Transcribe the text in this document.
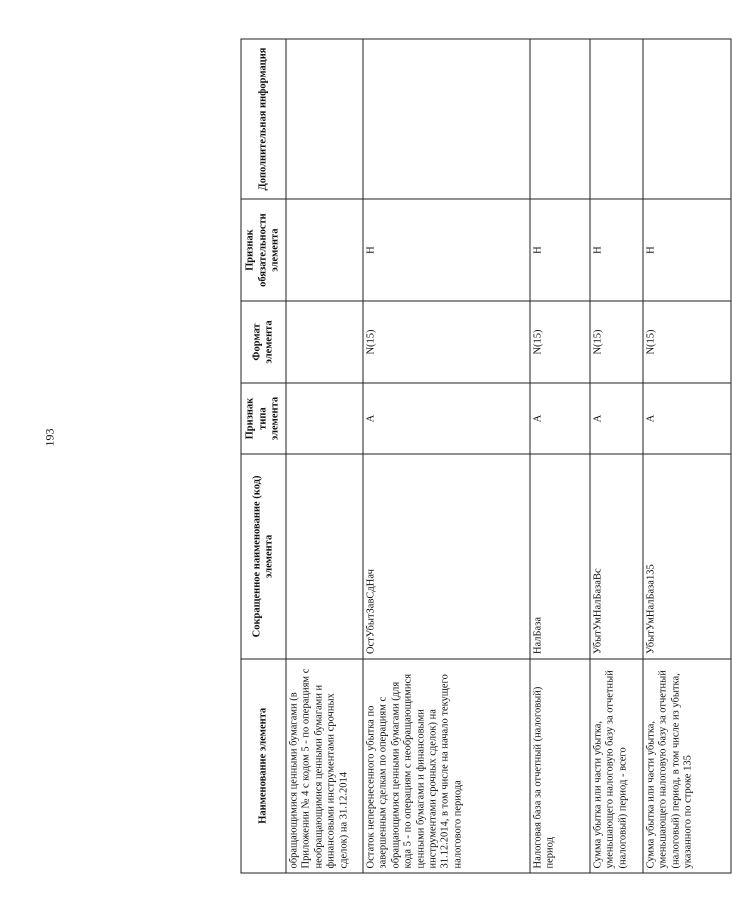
193
Наименование элемента	Сокращенное наименование (код) элемента	Признак типа элемента	Формат элемента	Признак обязательности элемента	Дополнительная информация
обращающимися ценными бумагами (в Приложении № 4 с кодом 5 - по операциям с необращающимися ценными бумагами и финансовыми инструментами срочных сделок) на 31.12.2014					
Остаток неперенесенного убытка по завершенным сделкам по операциям с обращающимися ценными бумагами (для кода 5 - по операциям с необращающимися ценными бумагами и финансовыми инструментами срочных сделок) на 31.12.2014, в том числе на начало текущего налогового периода	ОстУбытЗавСдНач	А	N(15)	Н	
Налоговая база за отчетный (налоговый) период	НалБаза	А	N(15)	Н	
Сумма убытка или части убытка, уменьшающего налоговую базу за отчетный (налоговый) период - всего	УбытУмНалБазаВс	А	N(15)	Н	
Сумма убытка или части убытка, уменьшающего налоговую базу за отчетный (налоговый) период, в том числе из убытка, указанного по строке 135	УбытУмНалБаза135	А	N(15)	Н	
